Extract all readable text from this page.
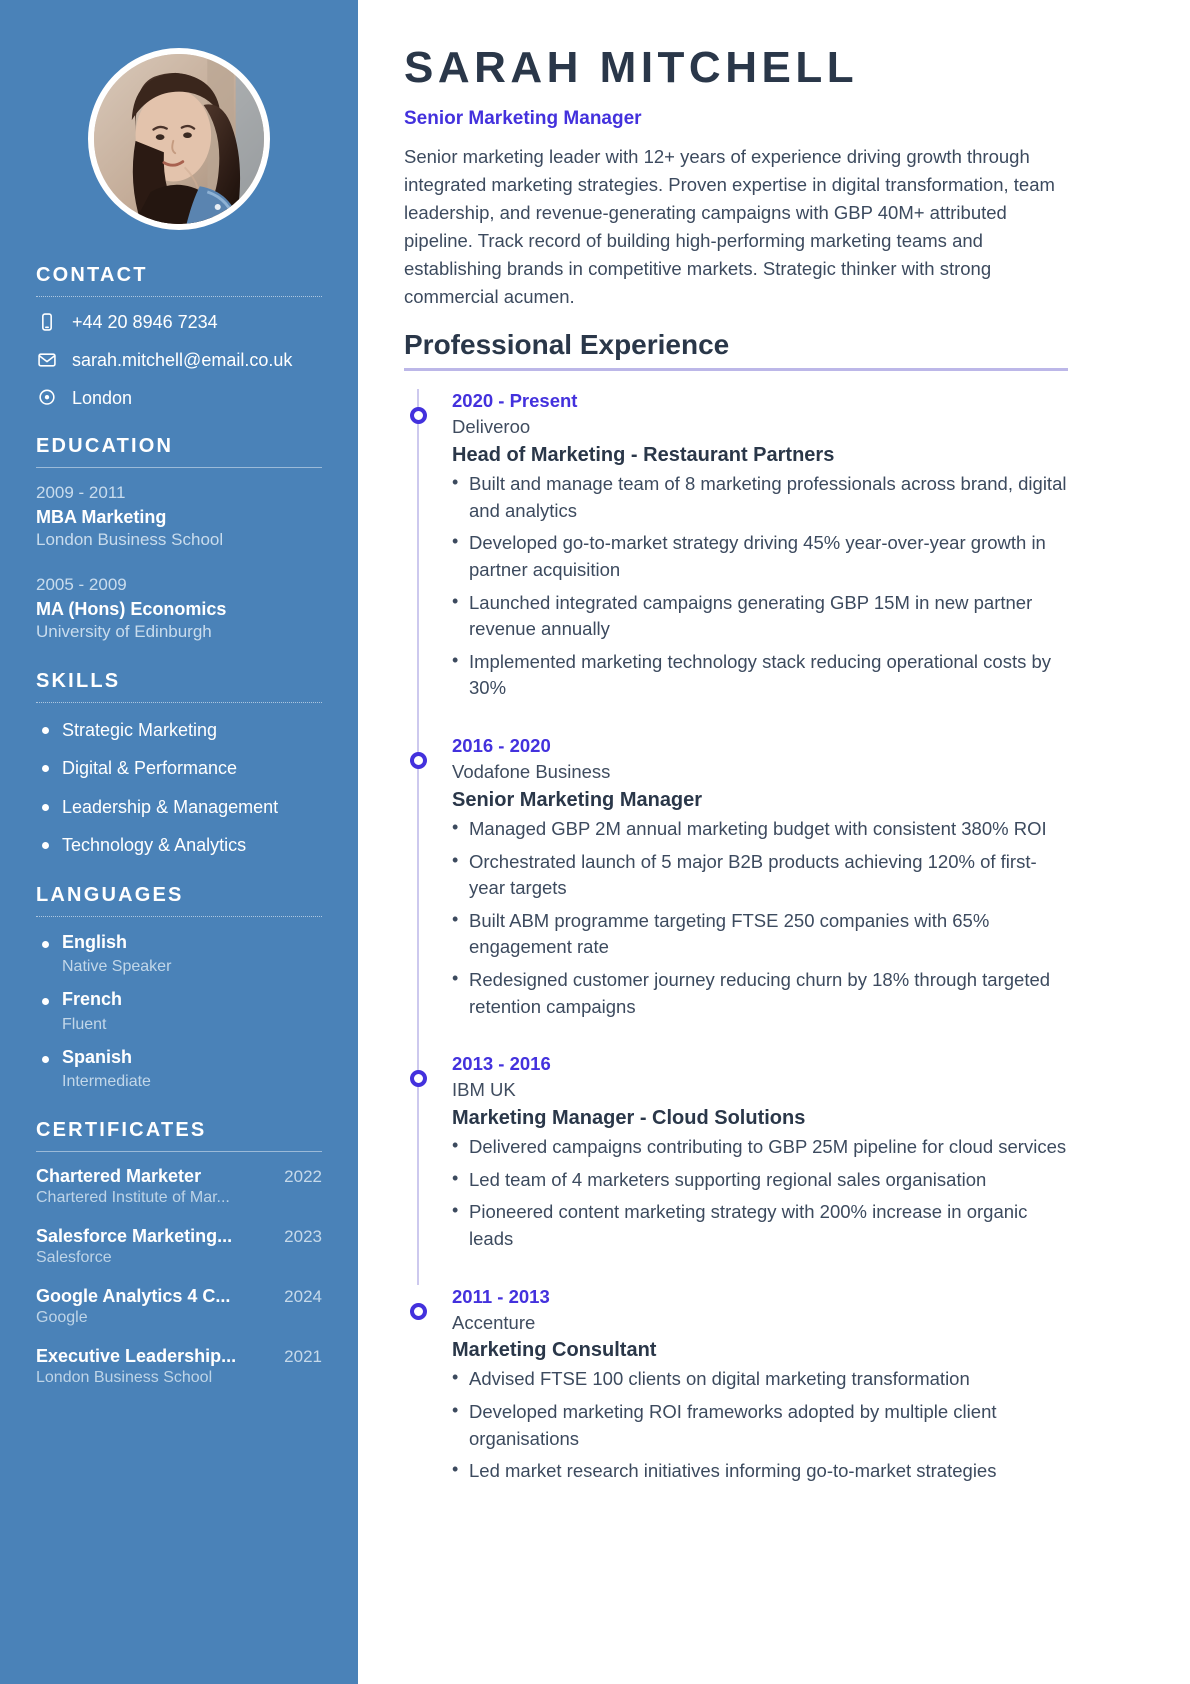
CONTACT
+44 20 8946 7234
sarah.mitchell@email.co.uk
London
EDUCATION
2009 - 2011
MBA Marketing
London Business School
2005 - 2009
MA (Hons) Economics
University of Edinburgh
SKILLS
Strategic Marketing
Digital & Performance
Leadership & Management
Technology & Analytics
LANGUAGES
English
Native Speaker
French
Fluent
Spanish
Intermediate
CERTIFICATES
Chartered Marketer	2022
Chartered Institute of Mar...
Salesforce Marketing...	2023
Salesforce
Google Analytics 4 C...	2024
Google
Executive Leadership...	2021
London Business School
SARAH MITCHELL
Senior Marketing Manager

Senior marketing leader with 12+ years of experience driving growth through integrated marketing strategies. Proven expertise in digital transformation, team leadership, and revenue-generating campaigns with GBP 40M+ attributed pipeline. Track record of building high-performing marketing teams and establishing brands in competitive markets. Strategic thinker with strong commercial acumen.

Professional Experience
2020 - Present
Deliveroo
Head of Marketing - Restaurant Partners
• Built and manage team of 8 marketing professionals across brand, digital and analytics
• Developed go-to-market strategy driving 45% year-over-year growth in partner acquisition
• Launched integrated campaigns generating GBP 15M in new partner revenue annually
• Implemented marketing technology stack reducing operational costs by 30%
2016 - 2020
Vodafone Business
Senior Marketing Manager
• Managed GBP 2M annual marketing budget with consistent 380% ROI
• Orchestrated launch of 5 major B2B products achieving 120% of first-year targets
• Built ABM programme targeting FTSE 250 companies with 65% engagement rate
• Redesigned customer journey reducing churn by 18% through targeted retention campaigns
2013 - 2016
IBM UK
Marketing Manager - Cloud Solutions
• Delivered campaigns contributing to GBP 25M pipeline for cloud services
• Led team of 4 marketers supporting regional sales organisation
• Pioneered content marketing strategy with 200% increase in organic leads
2011 - 2013
Accenture
Marketing Consultant
• Advised FTSE 100 clients on digital marketing transformation
• Developed marketing ROI frameworks adopted by multiple client organisations
• Led market research initiatives informing go-to-market strategies
